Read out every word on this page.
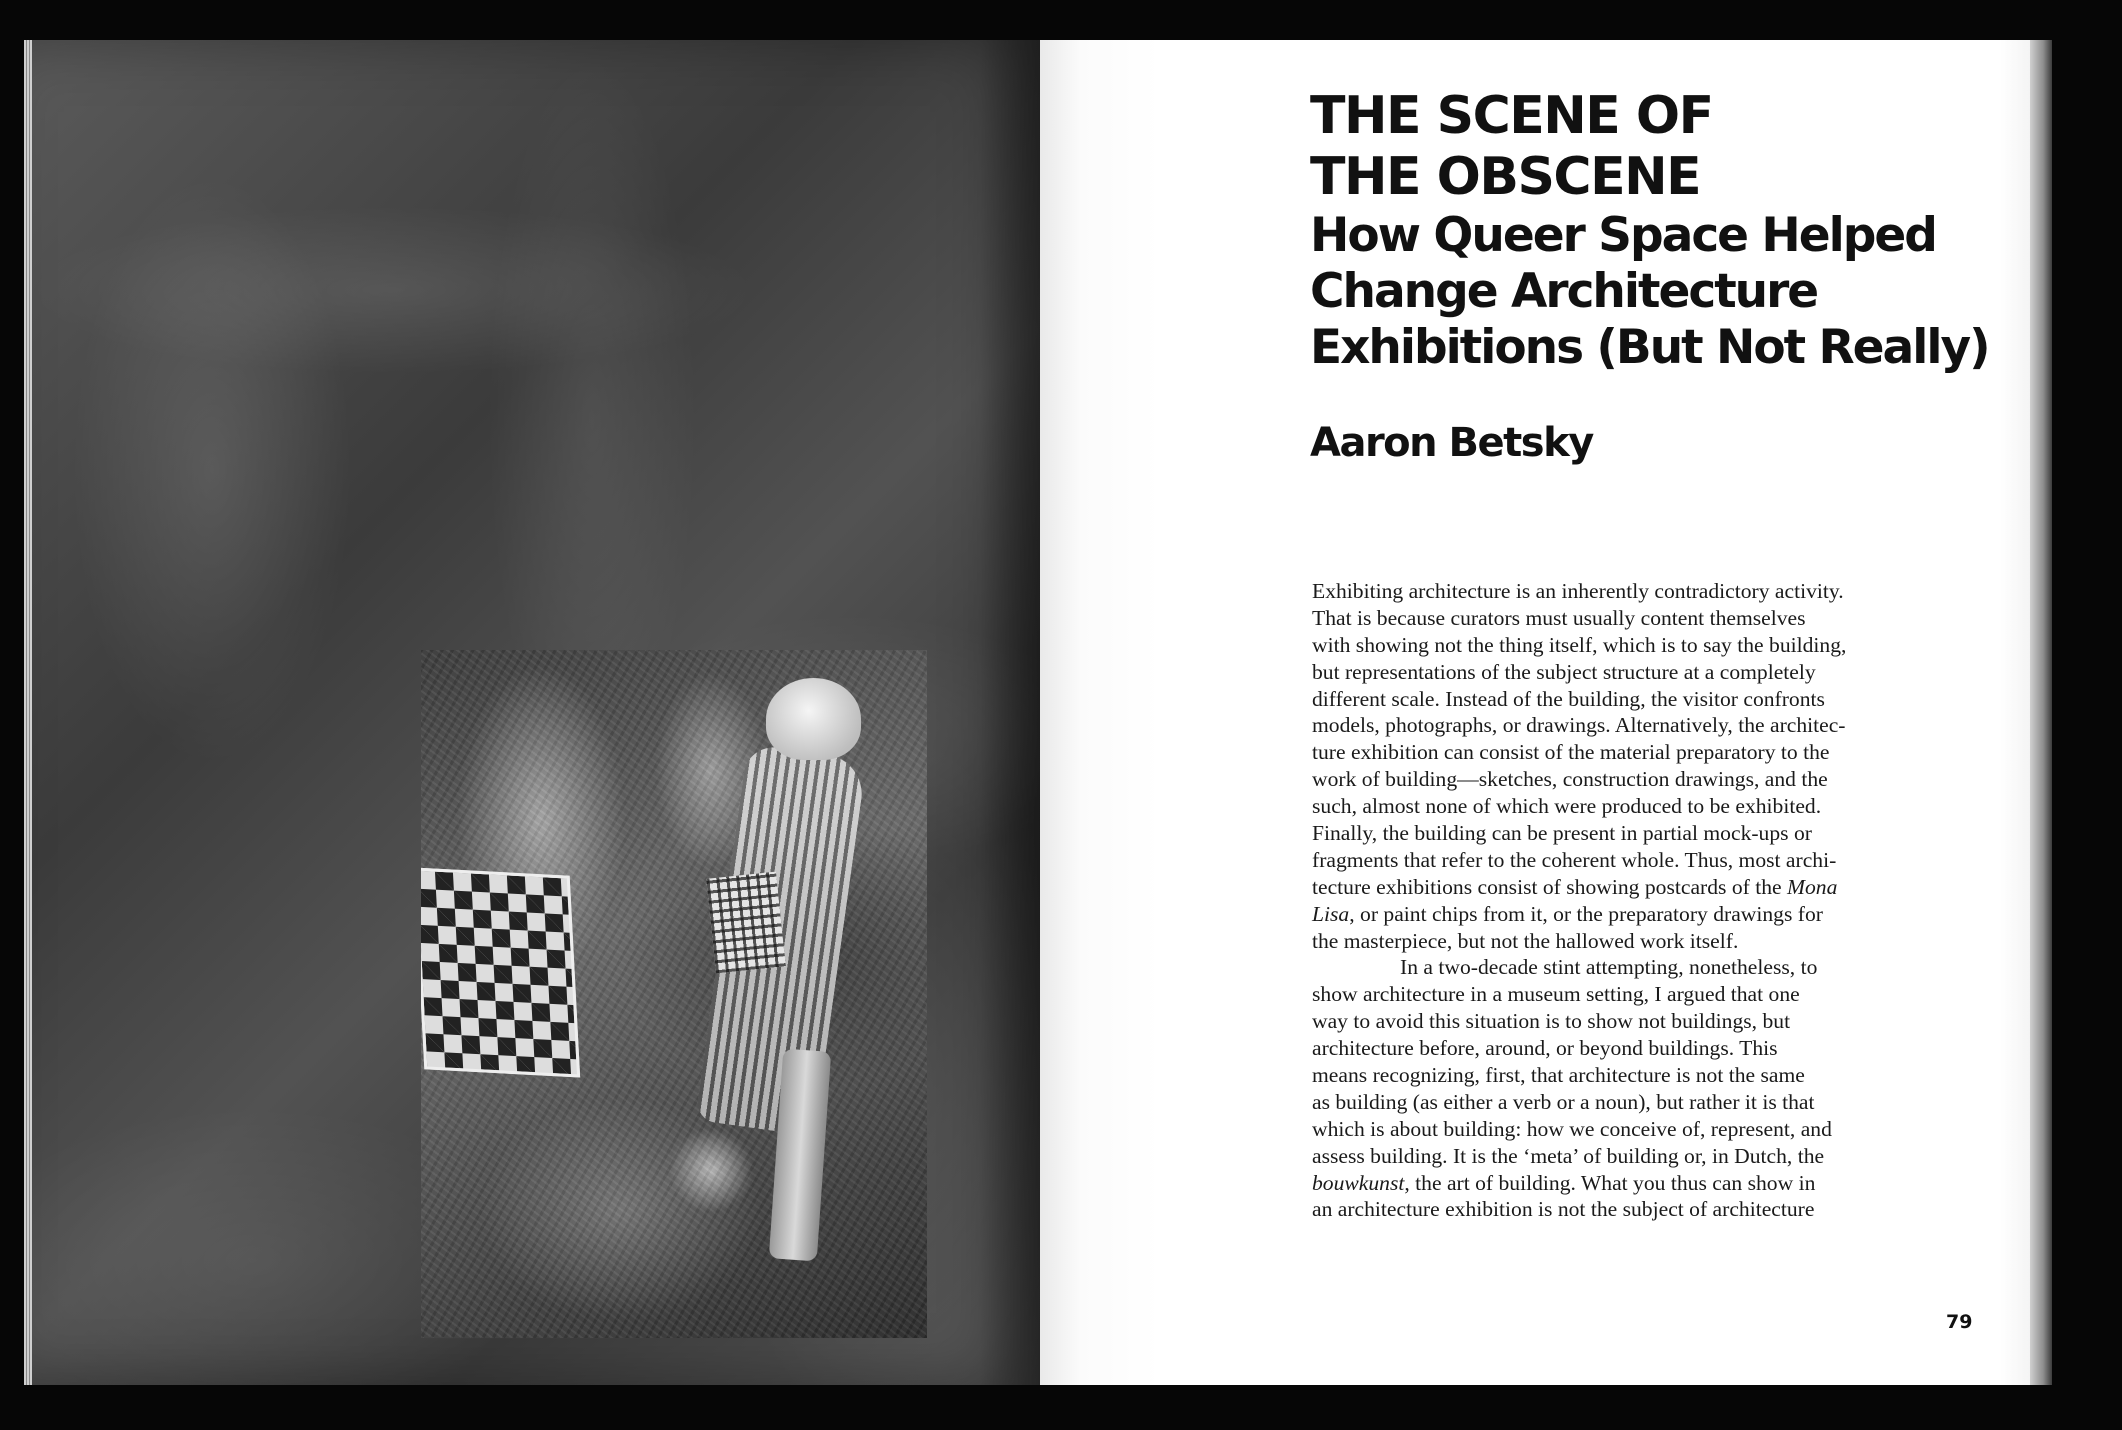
THE SCENE OF
THE OBSCENE
How Queer Space Helped
Change Architecture
Exhibitions (But Not Really)
Aaron Betsky
Exhibiting architecture is an inherently contradictory activity.
That is because curators must usually content themselves
with showing not the thing itself, which is to say the building,
but representations of the subject structure at a completely
different scale. Instead of the building, the visitor confronts
models, photographs, or drawings. Alternatively, the architec-
ture exhibition can consist of the material preparatory to the
work of building—sketches, construction drawings, and the
such, almost none of which were produced to be exhibited.
Finally, the building can be present in partial mock-ups or
fragments that refer to the coherent whole. Thus, most archi-
tecture exhibitions consist of showing postcards of the Mona
Lisa, or paint chips from it, or the preparatory drawings for
the masterpiece, but not the hallowed work itself.
In a two-decade stint attempting, nonetheless, to
show architecture in a museum setting, I argued that one
way to avoid this situation is to show not buildings, but
architecture before, around, or beyond buildings. This
means recognizing, first, that architecture is not the same
as building (as either a verb or a noun), but rather it is that
which is about building: how we conceive of, represent, and
assess building. It is the ‘meta’ of building or, in Dutch, the
bouwkunst, the art of building. What you thus can show in
an architecture exhibition is not the subject of architecture
79
